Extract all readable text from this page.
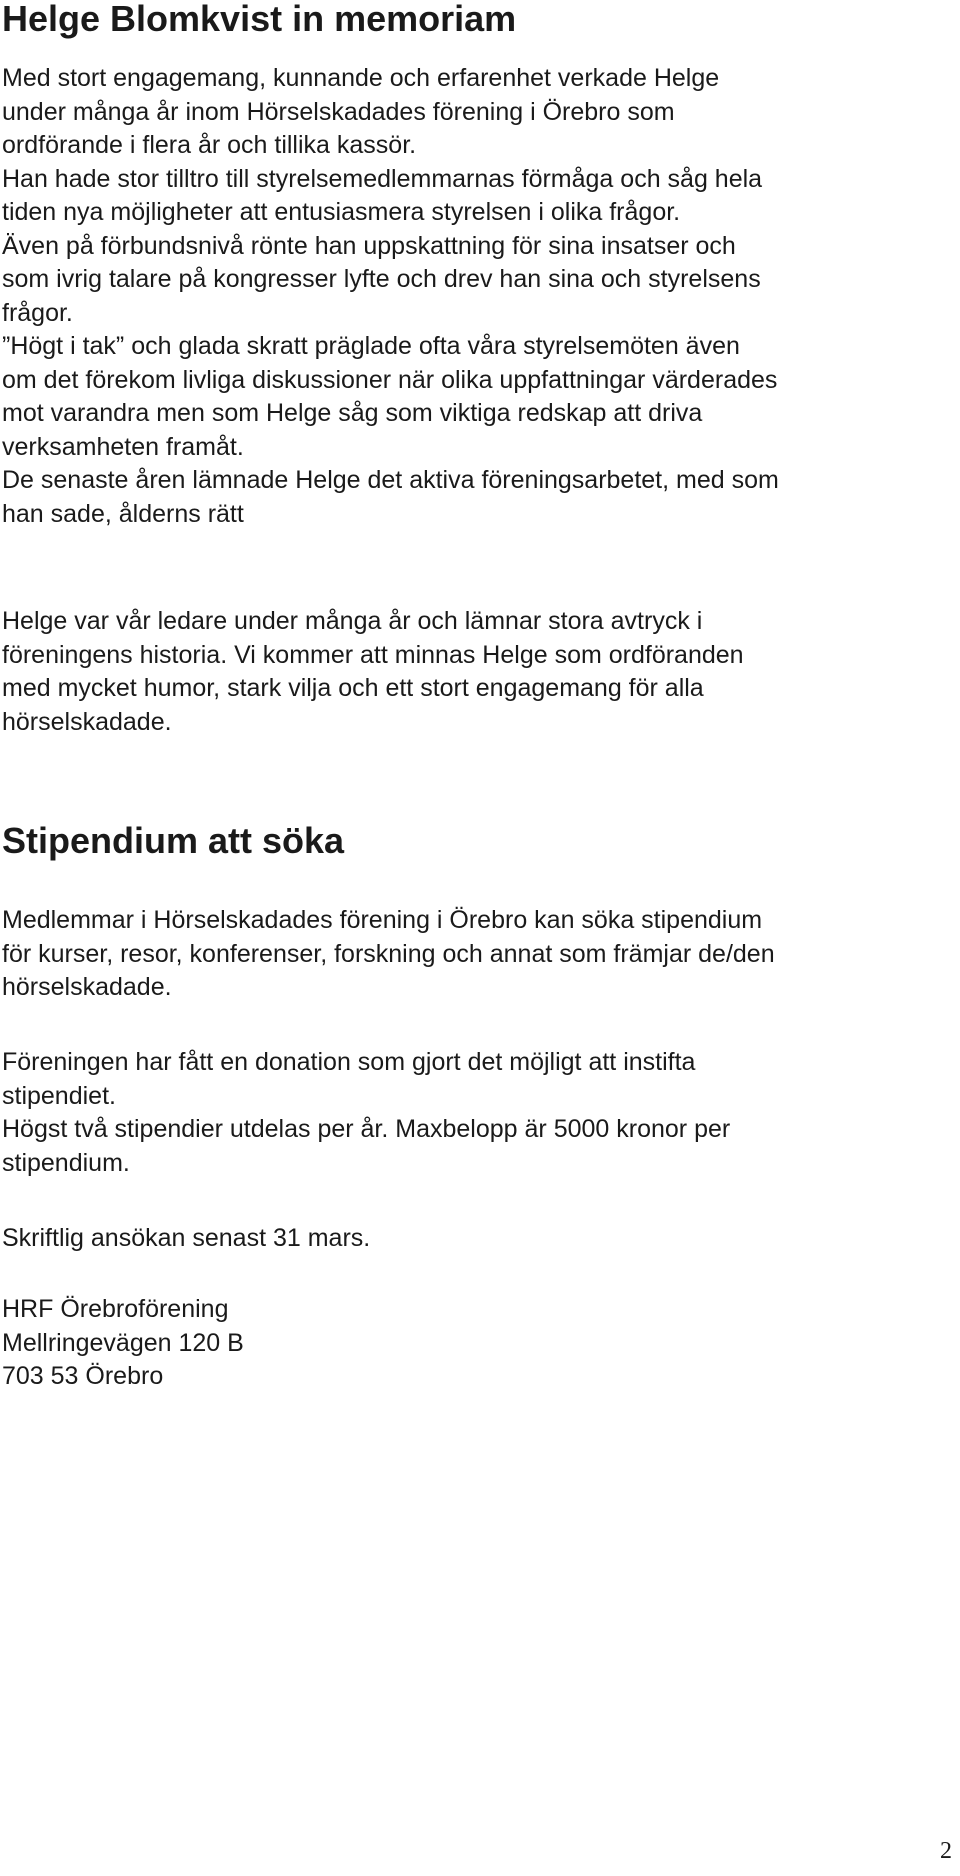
Helge Blomkvist in memoriam

Med stort engagemang, kunnande och erfarenhet verkade Helge
under många år inom Hörselskadades förening i Örebro som
ordförande i flera år och tillika kassör.
Han hade stor tilltro till styrelsemedlemmarnas förmåga och såg hela
tiden nya möjligheter att entusiasmera styrelsen i olika frågor.
Även på förbundsnivå rönte han uppskattning för sina insatser och
som ivrig talare på kongresser lyfte och drev han sina och styrelsens
frågor.
”Högt i tak” och glada skratt präglade ofta våra styrelsemöten även
om det förekom livliga diskussioner när olika uppfattningar värderades
mot varandra men som Helge såg som viktiga redskap att driva
verksamheten framåt.
De senaste åren lämnade Helge det aktiva föreningsarbetet, med som
han sade, ålderns rätt

Helge var vår ledare under många år och lämnar stora avtryck i
föreningens historia. Vi kommer att minnas Helge som ordföranden
med mycket humor, stark vilja och ett stort engagemang för alla
hörselskadade.

Stipendium att söka

Medlemmar i Hörselskadades förening i Örebro kan söka stipendium
för kurser, resor, konferenser, forskning och annat som främjar de/den
hörselskadade.

Föreningen har fått en donation som gjort det möjligt att instifta
stipendiet.
Högst två stipendier utdelas per år. Maxbelopp är 5000 kronor per
stipendium.

Skriftlig ansökan senast 31 mars.

HRF Örebroförening
Mellringevägen 120 B
703 53 Örebro

2
